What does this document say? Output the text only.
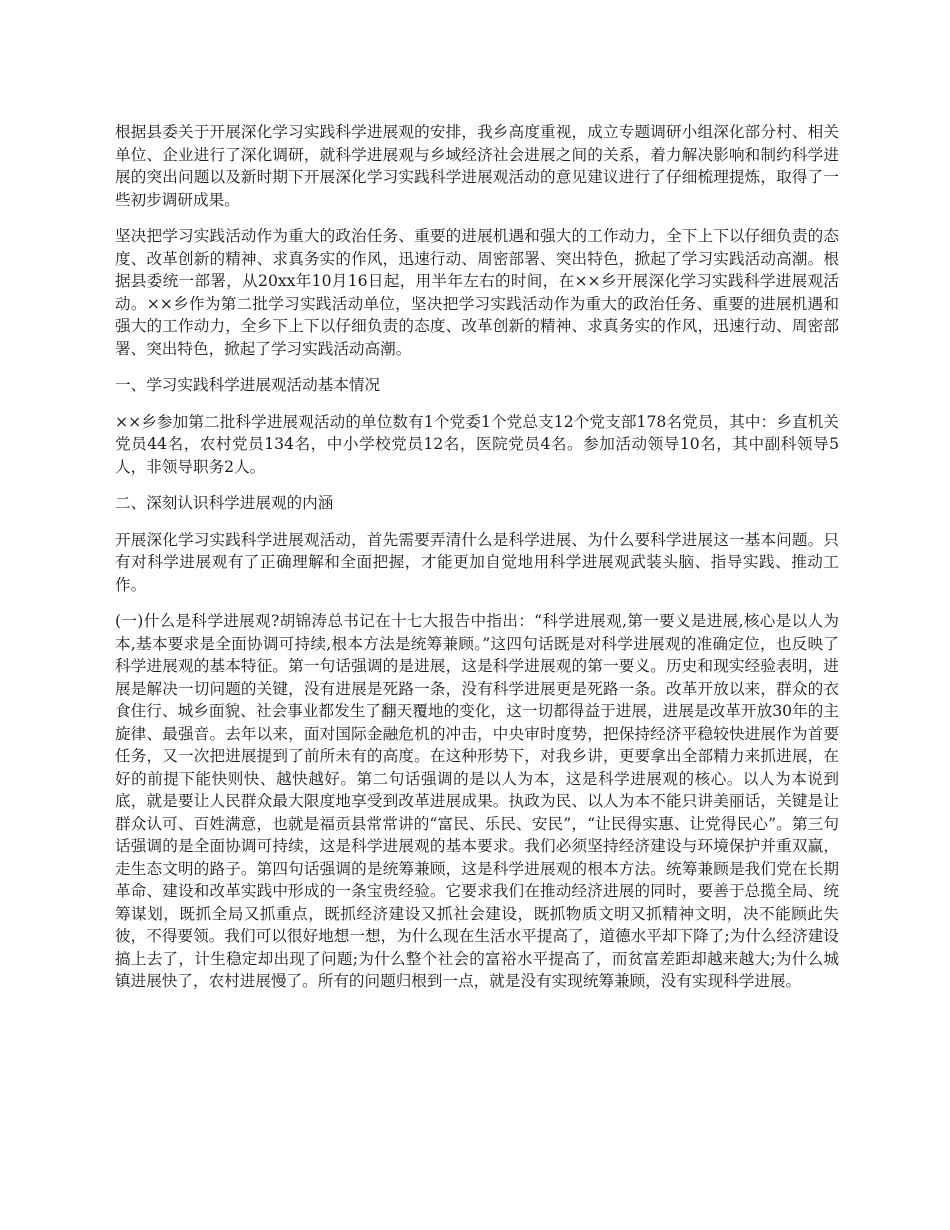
根据县委关于开展深化学习实践科学进展观的安排，我乡高度重视，成立专题调研小组深化部分村、相关单位、企业进行了深化调研，就科学进展观与乡域经济社会进展之间的关系，着力解决影响和制约科学进展的突出问题以及新时期下开展深化学习实践科学进展观活动的意见建议进行了仔细梳理提炼，取得了一些初步调研成果。

坚决把学习实践活动作为重大的政治任务、重要的进展机遇和强大的工作动力，全下上下以仔细负责的态度、改革创新的精神、求真务实的作风，迅速行动、周密部署、突出特色，掀起了学习实践活动高潮。根据县委统一部署，从20xx年10月16日起，用半年左右的时间，在××乡开展深化学习实践科学进展观活动。××乡作为第二批学习实践活动单位，坚决把学习实践活动作为重大的政治任务、重要的进展机遇和强大的工作动力，全乡下上下以仔细负责的态度、改革创新的精神、求真务实的作风，迅速行动、周密部署、突出特色，掀起了学习实践活动高潮。

一、学习实践科学进展观活动基本情况

××乡参加第二批科学进展观活动的单位数有1个党委1个党总支12个党支部178名党员，其中：乡直机关党员44名，农村党员134名，中小学校党员12名，医院党员4名。参加活动领导10名，其中副科领导5人，非领导职务2人。

二、深刻认识科学进展观的内涵

开展深化学习实践科学进展观活动，首先需要弄清什么是科学进展、为什么要科学进展这一基本问题。只有对科学进展观有了正确理解和全面把握，才能更加自觉地用科学进展观武装头脑、指导实践、推动工作。

(一)什么是科学进展观?胡锦涛总书记在十七大报告中指出：“科学进展观,第一要义是进展,核心是以人为本,基本要求是全面协调可持续,根本方法是统筹兼顾。”这四句话既是对科学进展观的准确定位，也反映了科学进展观的基本特征。第一句话强调的是进展，这是科学进展观的第一要义。历史和现实经验表明，进展是解决一切问题的关键，没有进展是死路一条，没有科学进展更是死路一条。改革开放以来，群众的衣食住行、城乡面貌、社会事业都发生了翻天覆地的变化，这一切都得益于进展，进展是改革开放30年的主旋律、最强音。去年以来，面对国际金融危机的冲击，中央审时度势，把保持经济平稳较快进展作为首要任务，又一次把进展提到了前所未有的高度。在这种形势下，对我乡讲，更要拿出全部精力来抓进展，在好的前提下能快则快、越快越好。第二句话强调的是以人为本，这是科学进展观的核心。以人为本说到底，就是要让人民群众最大限度地享受到改革进展成果。执政为民、以人为本不能只讲美丽话，关键是让群众认可、百姓满意，也就是福贡县常常讲的“富民、乐民、安民”，“让民得实惠、让党得民心”。第三句话强调的是全面协调可持续，这是科学进展观的基本要求。我们必须坚持经济建设与环境保护并重双赢，走生态文明的路子。第四句话强调的是统筹兼顾，这是科学进展观的根本方法。统筹兼顾是我们党在长期革命、建设和改革实践中形成的一条宝贵经验。它要求我们在推动经济进展的同时，要善于总揽全局、统筹谋划，既抓全局又抓重点，既抓经济建设又抓社会建设，既抓物质文明又抓精神文明，决不能顾此失彼，不得要领。我们可以很好地想一想，为什么现在生活水平提高了，道德水平却下降了;为什么经济建设搞上去了，计生稳定却出现了问题;为什么整个社会的富裕水平提高了，而贫富差距却越来越大;为什么城镇进展快了，农村进展慢了。所有的问题归根到一点，就是没有实现统筹兼顾，没有实现科学进展。
